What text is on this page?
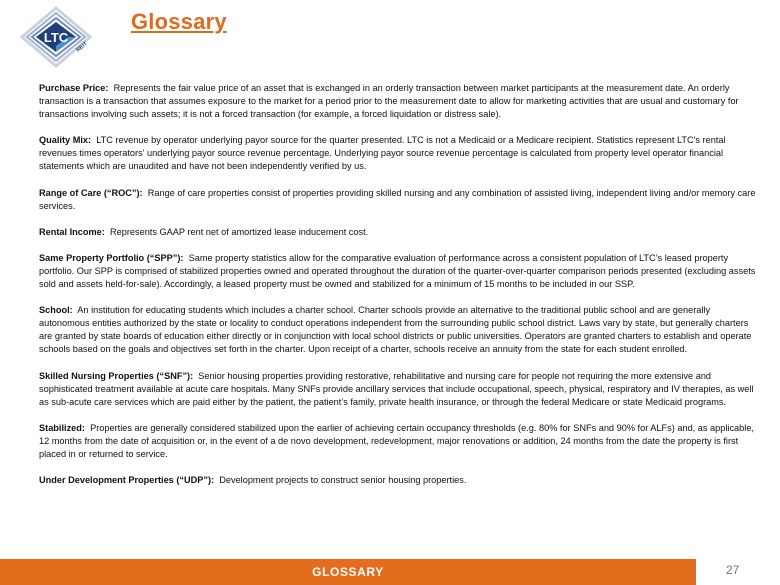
LTC
REIT
Glossary

Purchase Price: Represents the fair value price of an asset that is exchanged in an orderly transaction between market participants at the measurement date. An orderly transaction is a transaction that assumes exposure to the market for a period prior to the measurement date to allow for marketing activities that are usual and customary for transactions involving such assets; it is not a forced transaction (for example, a forced liquidation or distress sale).

Quality Mix: LTC revenue by operator underlying payor source for the quarter presented. LTC is not a Medicaid or a Medicare recipient. Statistics represent LTC's rental revenues times operators' underlying payor source revenue percentage. Underlying payor source revenue percentage is calculated from property level operator financial statements which are unaudited and have not been independently verified by us.

Range of Care (“ROC”): Range of care properties consist of properties providing skilled nursing and any combination of assisted living, independent living and/or memory care services.

Rental Income: Represents GAAP rent net of amortized lease inducement cost.

Same Property Portfolio (“SPP”): Same property statistics allow for the comparative evaluation of performance across a consistent population of LTC’s leased property portfolio. Our SPP is comprised of stabilized properties owned and operated throughout the duration of the quarter-over-quarter comparison periods presented (excluding assets sold and assets held-for-sale). Accordingly, a leased property must be owned and stabilized for a minimum of 15 months to be included in our SSP.

School: An institution for educating students which includes a charter school. Charter schools provide an alternative to the traditional public school and are generally autonomous entities authorized by the state or locality to conduct operations independent from the surrounding public school district. Laws vary by state, but generally charters are granted by state boards of education either directly or in conjunction with local school districts or public universities. Operators are granted charters to establish and operate schools based on the goals and objectives set forth in the charter. Upon receipt of a charter, schools receive an annuity from the state for each student enrolled.

Skilled Nursing Properties (“SNF”): Senior housing properties providing restorative, rehabilitative and nursing care for people not requiring the more extensive and sophisticated treatment available at acute care hospitals. Many SNFs provide ancillary services that include occupational, speech, physical, respiratory and IV therapies, as well as sub-acute care services which are paid either by the patient, the patient’s family, private health insurance, or through the federal Medicare or state Medicaid programs.

Stabilized: Properties are generally considered stabilized upon the earlier of achieving certain occupancy thresholds (e.g. 80% for SNFs and 90% for ALFs) and, as applicable, 12 months from the date of acquisition or, in the event of a de novo development, redevelopment, major renovations or addition, 24 months from the date the property is first placed in or returned to service.

Under Development Properties (“UDP”): Development projects to construct senior housing properties.

GLOSSARY	27
